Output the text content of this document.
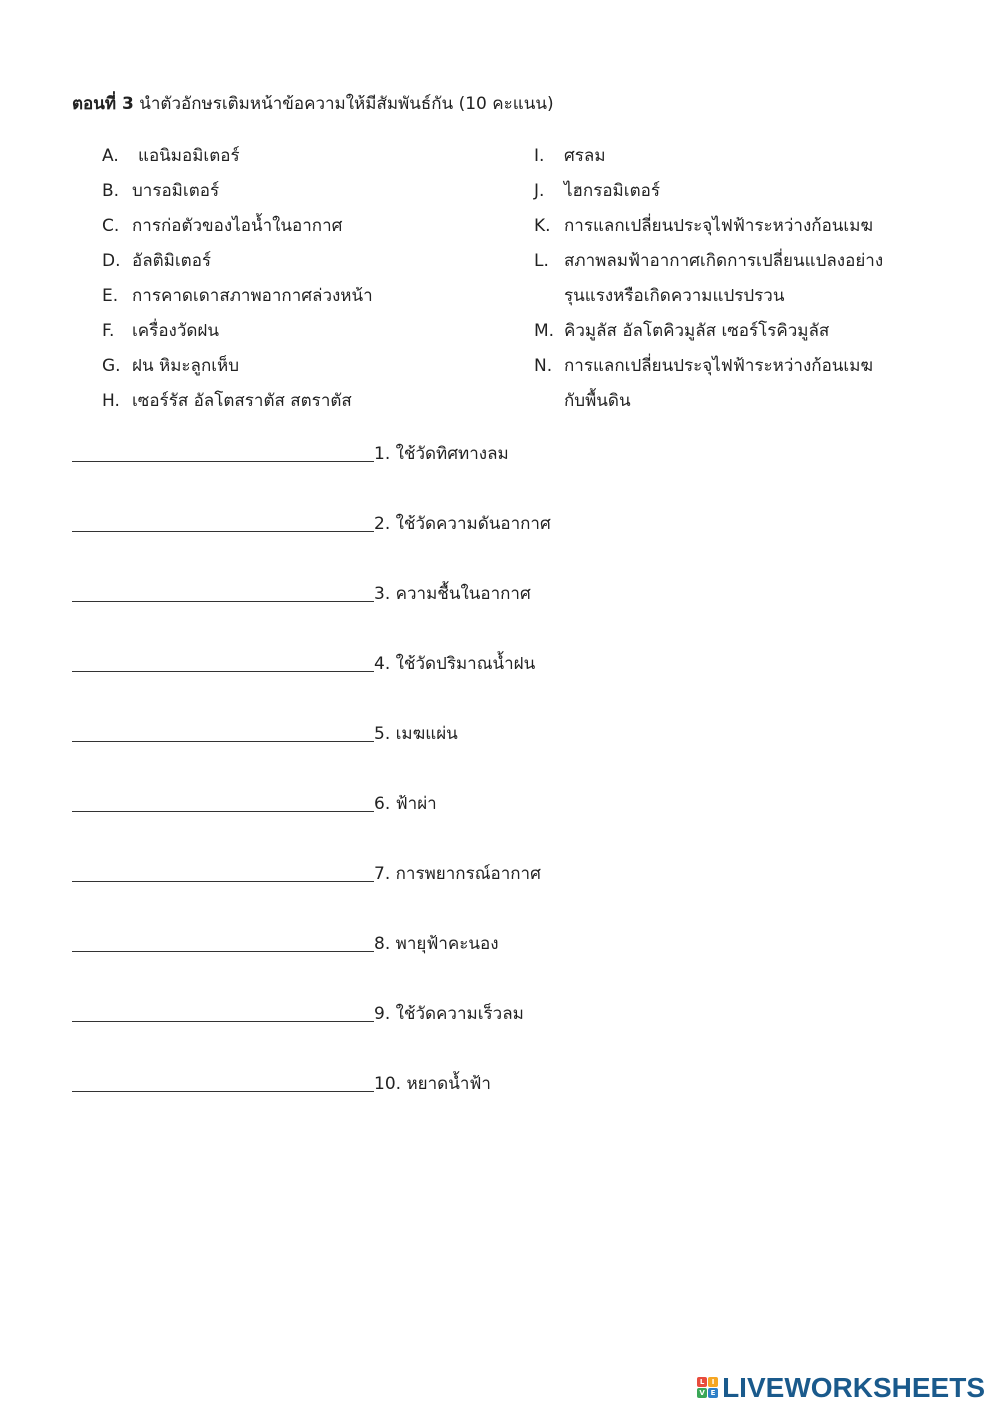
ตอนที่ 3 นำตัวอักษรเติมหน้าข้อความให้มีสัมพันธ์กัน (10 คะแนน)
A. แอนิมอมิเตอร์
B. บารอมิเตอร์
C. การก่อตัวของไอน้ำในอากาศ
D. อัลติมิเตอร์
E. การคาดเดาสภาพอากาศล่วงหน้า
F. เครื่องวัดฝน
G. ฝน หิมะลูกเห็บ
H. เซอร์รัส อัลโตสราตัส สตราตัส
I. ศรลม
J. ไฮกรอมิเตอร์
K. การแลกเปลี่ยนประจุไฟฟ้าระหว่างก้อนเมฆ
L. สภาพลมฟ้าอากาศเกิดการเปลี่ยนแปลงอย่าง
รุนแรงหรือเกิดความแปรปรวน
M. คิวมูลัส อัลโตคิวมูลัส เซอร์โรคิวมูลัส
N. การแลกเปลี่ยนประจุไฟฟ้าระหว่างก้อนเมฆ
กับพื้นดิน
1. ใช้วัดทิศทางลม
2. ใช้วัดความดันอากาศ
3. ความชื้นในอากาศ
4. ใช้วัดปริมาณน้ำฝน
5. เมฆแผ่น
6. ฟ้าผ่า
7. การพยากรณ์อากาศ
8. พายุฟ้าคะนอง
9. ใช้วัดความเร็วลม
10. หยาดน้ำฟ้า
L	I
V E LIVEWORKSHEETS
